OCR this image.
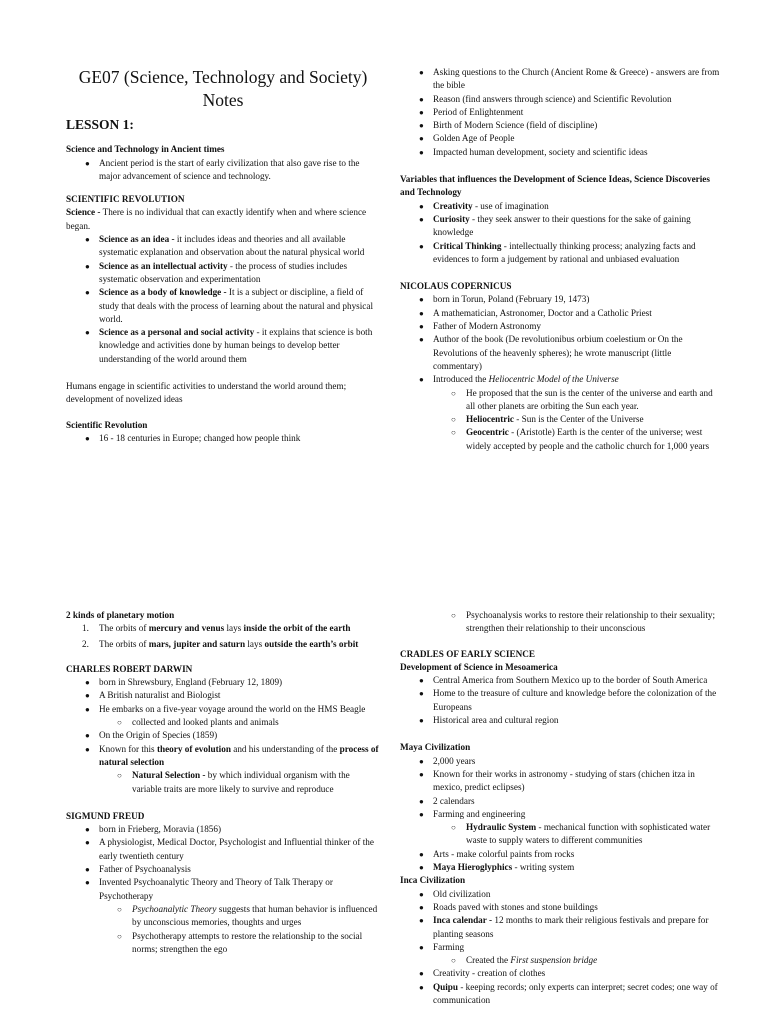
GE07 (Science, Technology and Society)
Notes

LESSON 1:

Science and Technology in Ancient times

● Ancient period is the start of early civilization that also gave rise to the major advancement of science and technology.

SCIENTIFIC REVOLUTION

Science - There is no individual that can exactly identify when and where science began.

● Science as an idea - it includes ideas and theories and all available systematic explanation and observation about the natural physical world
● Science as an intellectual activity - the process of studies includes systematic observation and experimentation
● Science as a body of knowledge - It is a subject or discipline, a field of study that deals with the process of learning about the natural and physical world.
● Science as a personal and social activity - it explains that science is both knowledge and activities done by human beings to develop better understanding of the world around them

Humans engage in scientific activities to understand the world around them; development of novelized ideas

Scientific Revolution

● 16 - 18 centuries in Europe; changed how people think
● Asking questions to the Church (Ancient Rome & Greece) - answers are from the bible
● Reason (find answers through science) and Scientific Revolution
● Period of Enlightenment
● Birth of Modern Science (field of discipline)
● Golden Age of People
● Impacted human development, society and scientific ideas

Variables that influences the Development of Science Ideas, Science Discoveries and Technology

● Creativity - use of imagination
● Curiosity - they seek answer to their questions for the sake of gaining knowledge
● Critical Thinking - intellectually thinking process; analyzing facts and evidences to form a judgement by rational and unbiased evaluation

NICOLAUS COPERNICUS

● born in Torun, Poland (February 19, 1473)
● A mathematician, Astronomer, Doctor and a Catholic Priest
● Father of Modern Astronomy
● Author of the book (De revolutionibus orbium coelestium or On the Revolutions of the heavenly spheres); he wrote manuscript (little commentary)
● Introduced the Heliocentric Model of the Universe
○ He proposed that the sun is the center of the universe and earth and all other planets are orbiting the Sun each year.
○ Heliocentric - Sun is the Center of the Universe
○ Geocentric - (Aristotle) Earth is the center of the universe; west widely accepted by people and the catholic church for 1,000 years

2 kinds of planetary motion

1. The orbits of mercury and venus lays inside the orbit of the earth
2. The orbits of mars, jupiter and saturn lays outside the earth’s orbit

CHARLES ROBERT DARWIN

● born in Shrewsbury, England (February 12, 1809)
● A British naturalist and Biologist
● He embarks on a five-year voyage around the world on the HMS Beagle
○ collected and looked plants and animals
● On the Origin of Species (1859)
● Known for this theory of evolution and his understanding of the process of natural selection
○ Natural Selection - by which individual organism with the variable traits are more likely to survive and reproduce

SIGMUND FREUD

● born in Frieberg, Moravia (1856)
● A physiologist, Medical Doctor, Psychologist and Influential thinker of the early twentieth century
● Father of Psychoanalysis
● Invented Psychoanalytic Theory and Theory of Talk Therapy or Psychotherapy
○ Psychoanalytic Theory suggests that human behavior is influenced by unconscious memories, thoughts and urges
○ Psychotherapy attempts to restore the relationship to the social norms; strengthen the ego
○ Psychoanalysis works to restore their relationship to their sexuality; strengthen their relationship to their unconscious

CRADLES OF EARLY SCIENCE

Development of Science in Mesoamerica

● Central America from Southern Mexico up to the border of South America
● Home to the treasure of culture and knowledge before the colonization of the Europeans
● Historical area and cultural region

Maya Civilization

● 2,000 years
● Known for their works in astronomy - studying of stars (chichen itza in mexico, predict eclipses)
● 2 calendars
● Farming and engineering
○ Hydraulic System - mechanical function with sophisticated water waste to supply waters to different communities
● Arts - make colorful paints from rocks
● Maya Hieroglyphics - writing system

Inca Civilization

● Old civilization
● Roads paved with stones and stone buildings
● Inca calendar - 12 months to mark their religious festivals and prepare for planting seasons
● Farming
○ Created the First suspension bridge
● Creativity - creation of clothes
● Quipu - keeping records; only experts can interpret; secret codes; one way of communication
